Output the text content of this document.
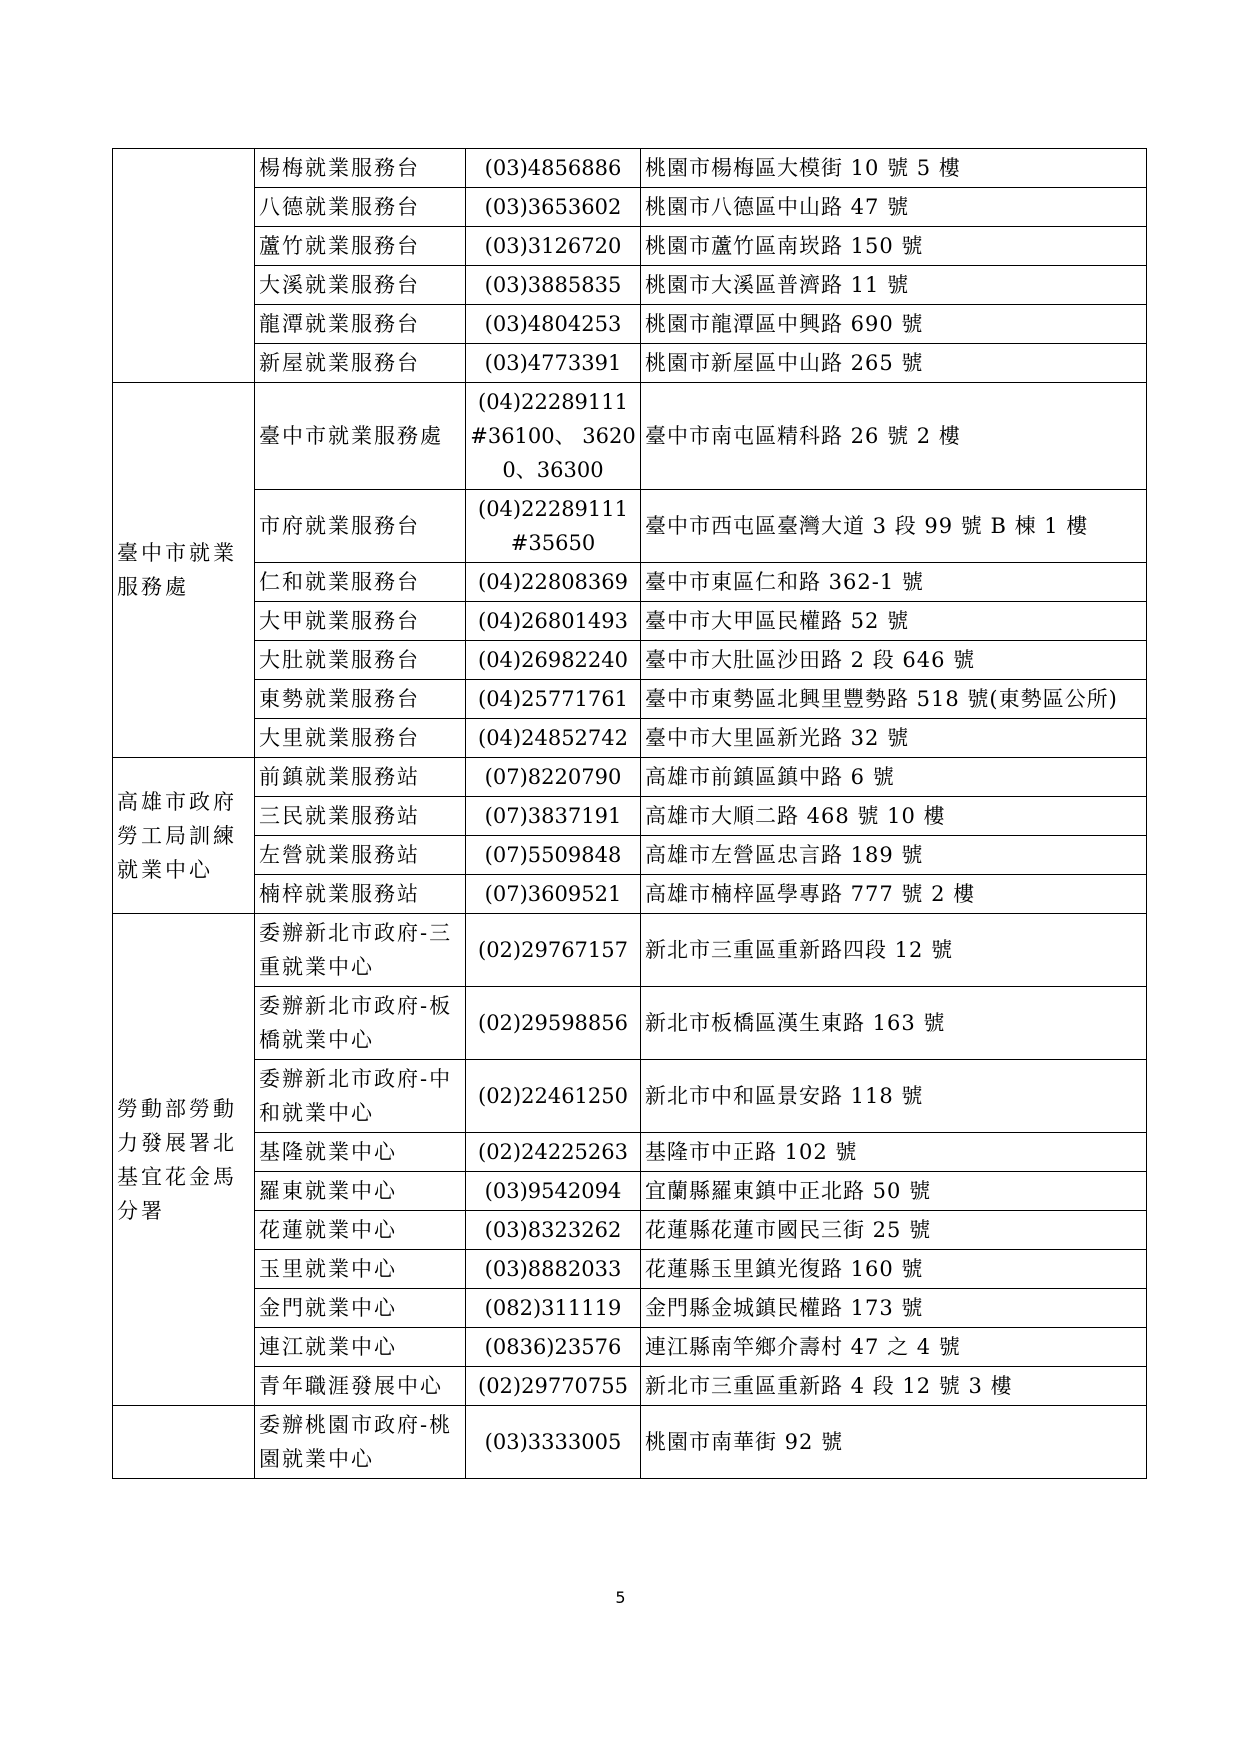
	楊梅就業服務台	(03)4856886	桃園市楊梅區大模街 10 號 5 樓
	八德就業服務台	(03)3653602	桃園市八德區中山路 47 號
	蘆竹就業服務台	(03)3126720	桃園市蘆竹區南崁路 150 號
	大溪就業服務台	(03)3885835	桃園市大溪區普濟路 11 號
	龍潭就業服務台	(03)4804253	桃園市龍潭區中興路 690 號
	新屋就業服務台	(03)4773391	桃園市新屋區中山路 265 號
臺中市就業服務處	臺中市就業服務處	(04)22289111 #36100、 36200、36300	臺中市南屯區精科路 26 號 2 樓
	市府就業服務台	(04)22289111 #35650	臺中市西屯區臺灣大道 3 段 99 號 B 棟 1 樓
	仁和就業服務台	(04)22808369	臺中市東區仁和路 362-1 號
	大甲就業服務台	(04)26801493	臺中市大甲區民權路 52 號
	大肚就業服務台	(04)26982240	臺中市大肚區沙田路 2 段 646 號
	東勢就業服務台	(04)25771761	臺中市東勢區北興里豐勢路 518 號(東勢區公所)
	大里就業服務台	(04)24852742	臺中市大里區新光路 32 號
高雄市政府勞工局訓練就業中心	前鎮就業服務站	(07)8220790	高雄市前鎮區鎮中路 6 號
	三民就業服務站	(07)3837191	高雄市大順二路 468 號 10 樓
	左營就業服務站	(07)5509848	高雄市左營區忠言路 189 號
	楠梓就業服務站	(07)3609521	高雄市楠梓區學專路 777 號 2 樓
勞動部勞動力發展署北基宜花金馬分署	委辦新北市政府-三重就業中心	(02)29767157	新北市三重區重新路四段 12 號
	委辦新北市政府-板橋就業中心	(02)29598856	新北市板橋區漢生東路 163 號
	委辦新北市政府-中和就業中心	(02)22461250	新北市中和區景安路 118 號
	基隆就業中心	(02)24225263	基隆市中正路 102 號
	羅東就業中心	(03)9542094	宜蘭縣羅東鎮中正北路 50 號
	花蓮就業中心	(03)8323262	花蓮縣花蓮市國民三街 25 號
	玉里就業中心	(03)8882033	花蓮縣玉里鎮光復路 160 號
	金門就業中心	(082)311119	金門縣金城鎮民權路 173 號
	連江就業中心	(0836)23576	連江縣南竿鄉介壽村 47 之 4 號
	青年職涯發展中心	(02)29770755	新北市三重區重新路 4 段 12 號 3 樓
	委辦桃園市政府-桃園就業中心	(03)3333005	桃園市南華街 92 號
5
